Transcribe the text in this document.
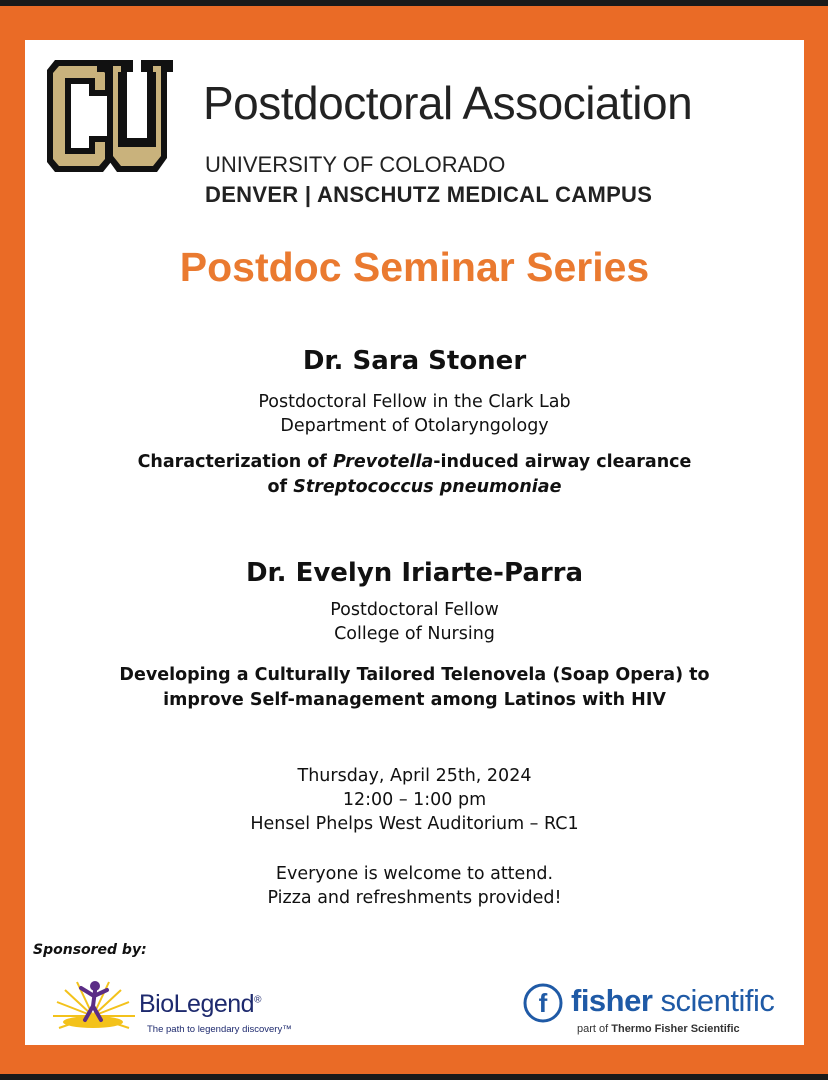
Postdoctoral Association
UNIVERSITY OF COLORADO
DENVER | ANSCHUTZ MEDICAL CAMPUS
Postdoc Seminar Series
Dr. Sara Stoner
Postdoctoral Fellow in the Clark Lab
Department of Otolaryngology
Characterization of Prevotella-induced airway clearance
of Streptococcus pneumoniae
Dr. Evelyn Iriarte-Parra
Postdoctoral Fellow
College of Nursing
Developing a Culturally Tailored Telenovela (Soap Opera) to
improve Self-management among Latinos with HIV
Thursday, April 25th, 2024
12:00 – 1:00 pm
Hensel Phelps West Auditorium – RC1
Everyone is welcome to attend.
Pizza and refreshments provided!
Sponsored by:
BioLegend®
The path to legendary discovery™
f fisher scientific
part of Thermo Fisher Scientific
